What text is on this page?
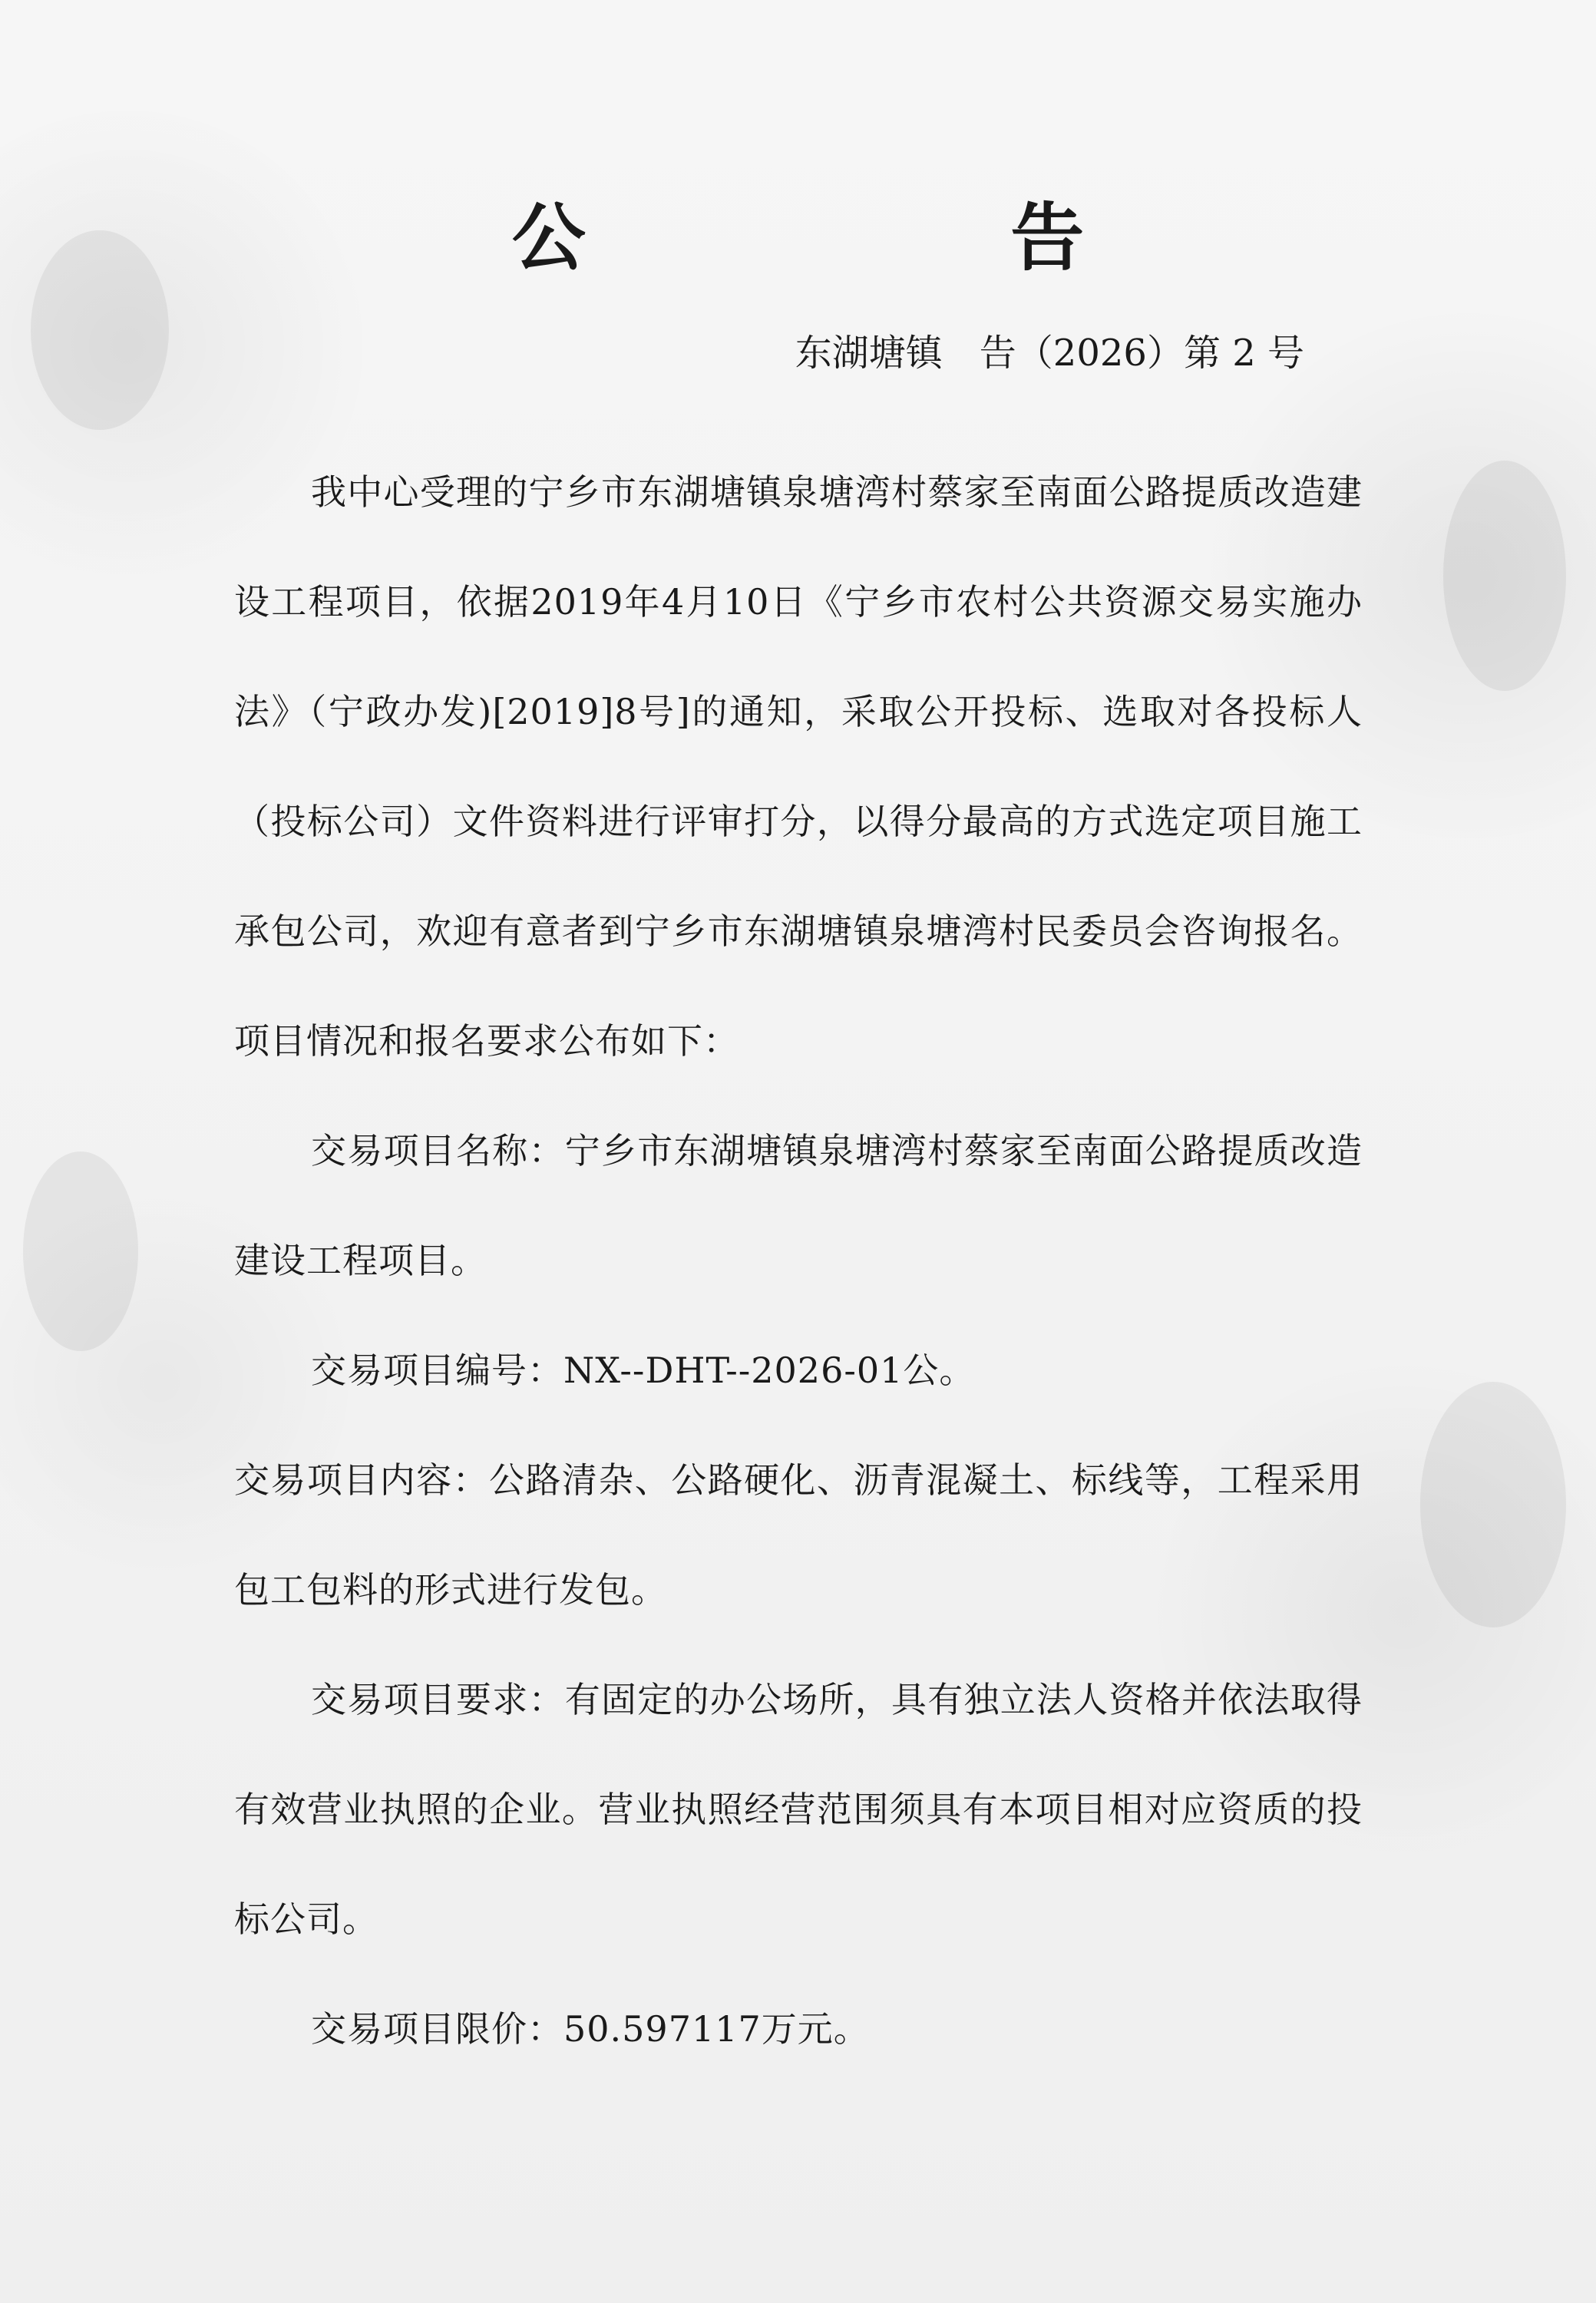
公 告
东湖塘镇　告（2026）第 2 号

我中心受理的宁乡市东湖塘镇泉塘湾村蔡家至南面公路提质改造建设工程项目，依据2019年4月10日《宁乡市农村公共资源交易实施办法》（宁政办发)[2019]8号]的通知，采取公开投标、选取对各投标人（投标公司）文件资料进行评审打分，以得分最高的方式选定项目施工承包公司，欢迎有意者到宁乡市东湖塘镇泉塘湾村民委员会咨询报名。项目情况和报名要求公布如下：

交易项目名称：宁乡市东湖塘镇泉塘湾村蔡家至南面公路提质改造建设工程项目。

交易项目编号：NX--DHT--2026-01公。

交易项目内容：公路清杂、公路硬化、沥青混凝土、标线等，工程采用包工包料的形式进行发包。

交易项目要求：有固定的办公场所，具有独立法人资格并依法取得有效营业执照的企业。营业执照经营范围须具有本项目相对应资质的投标公司。

交易项目限价：50.597117万元。
